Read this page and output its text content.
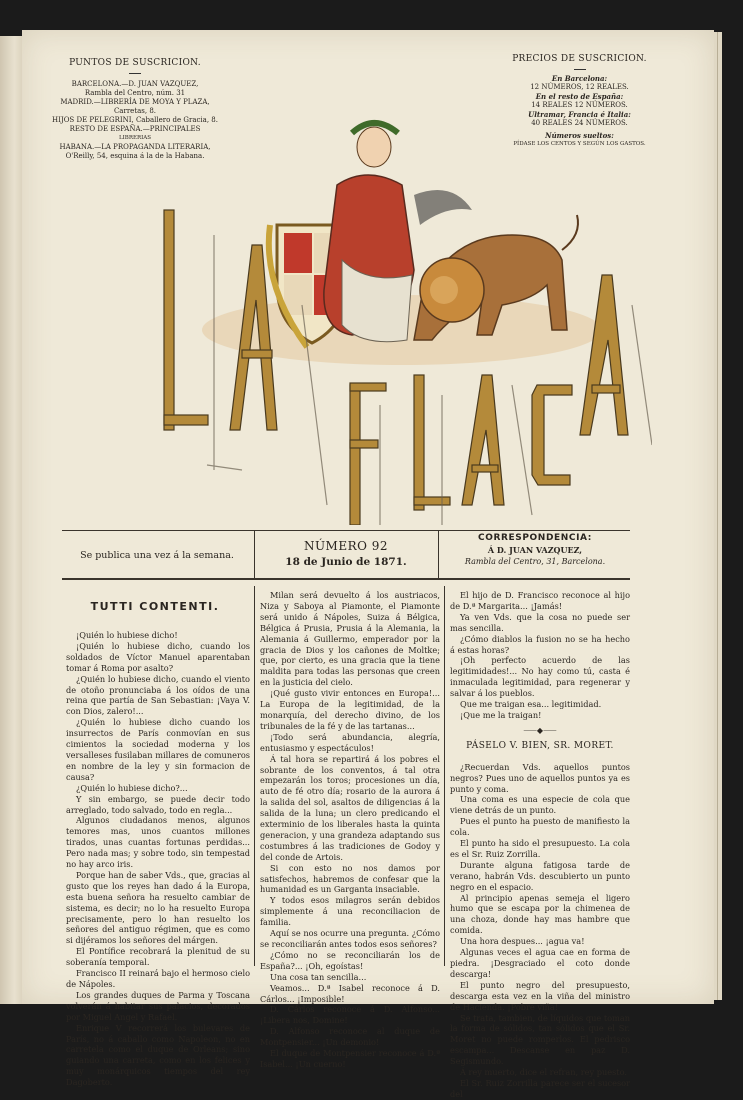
PUNTOS DE SUSCRICION.
BARCELONA.—D. JUAN VAZQUEZ,
Rambla del Centro, núm. 31
MADRID.—LIBRERÍA DE MOYA Y PLAZA,
Carretas, 8.
HIJOS DE PELEGRINI, Caballero de Gracia, 8.
RESTO DE ESPAÑA.—PRINCIPALES
LIBRERIAS
HABANA.—LA PROPAGANDA LITERARIA,
O'Reilly, 54, esquina á la de la Habana.
PRECIOS DE SUSCRICION.
En Barcelona:
12 NÚMEROS, 12 REALES.
En el resto de España:
14 REALES 12 NÚMEROS.
Ultramar, Francia é Italia:
40 REALES 24 NÚMEROS.
Números sueltos:
PÍDASE LOS CENTOS Y SEGÚN LOS GASTOS.
Se publica una vez á la semana.
NÚMERO 92
18 de Junio de 1871.
CORRESPONDENCIA:
Á D. JUAN VAZQUEZ,
Rambla del Centro, 31, Barcelona.
TUTTI CONTENTI.

¡Quién lo hubiese dicho!

¡Quién lo hubiese dicho, cuando los soldados de Víctor Manuel aparentaban tomar á Roma por asalto?

¿Quién lo hubiese dicho, cuando el viento de otoño pronunciaba á los oídos de una reina que partía de San Sebastian: ¡Vaya V. con Dios, zalero!...

¿Quién lo hubiese dicho cuando los insurrectos de París conmovían en sus cimientos la sociedad moderna y los versalleses fusilaban millares de comuneros en nombre de la ley y sin formacion de causa?

¿Quién lo hubiese dicho?...

Y sin embargo, se puede decir todo arreglado, todo salvado, todo en regla...

Algunos ciudadanos menos, algunos temores mas, unos cuantos millones tirados, unas cuantas fortunas perdidas... Pero nada mas; y sobre todo, sin tempestad no hay arco iris.

Porque han de saber Vds., que, gracias al gusto que los reyes han dado á la Europa, esta buena señora ha resuelto cambiar de sistema, es decir; no lo ha resuelto Europa precisamente, pero lo han resuelto los señores del antiguo régimen, que es como si dijéramos los señores del márgen.

El Pontífice recobrará la plenitud de su soberanía temporal.

Francisco II reinará bajo el hermoso cielo de Nápoles.

Los grandes duques de Parma y Toscana volverán á habitar sus palacios, decorados por Miguel Angel y Rafael.

Enrique V recorrerá los bulevares de París, no á caballo como Napoleon, no en carretela como el duque de Orleans; sino guiando una carreta, como en los felices y muy monárquicos tiempos del rey Dagoberto.

Milan será devuelto á los austriacos, Niza y Saboya al Piamonte, el Piamonte será unido á Nápoles, Suiza á Bélgica, Bélgica á Prusia, Prusia á la Alemania, la Alemania á Guillermo, emperador por la gracia de Dios y los cañones de Moltke; que, por cierto, es una gracia que la tiene maldita para todas las personas que creen en la justicia del cielo.

¡Qué gusto vivir entonces en Europa!... La Europa de la legitimidad, de la monarquía, del derecho divino, de los tribunales de la fé y de las tartanas...

¡Todo será abundancia, alegría, entusiasmo y espectáculos!

Á tal hora se repartirá á los pobres el sobrante de los conventos, á tal otra empezarán los toros; procesiones un día, auto de fé otro día; rosario de la aurora á la salida del sol, asaltos de diligencias á la salida de la luna; un clero predicando el exterminio de los liberales hasta la quinta generacion, y una grandeza adaptando sus costumbres á las tradiciones de Godoy y del conde de Artois.

Si con esto no nos damos por satisfechos, habremos de confesar que la humanidad es un Garganta insaciable.

Y todos esos milagros serán debidos simplemente á una reconciliacion de familia.

Aquí se nos ocurre una pregunta. ¿Cómo se reconciliarán antes todos esos señores?

¿Cómo no se reconciliarán los de España?... ¡Oh, egoístas!

Una cosa tan sencilla...

Veamos... D.ª Isabel reconoce á D. Cárlos... ¡Imposible!

D. Cárlos reconoce á D. Alfonso... ¡Libera nos, Domine!

D. Alfonso reconoce al duque de Montpensier... ¡Un demonio!

El duque de Montpensier reconoce á D.ª Isabel... ¡Un cuerno!

El hijo de D. Francisco reconoce al hijo de D.ª Margarita... ¡Jamás!

Ya ven Vds. que la cosa no puede ser mas sencilla.

¿Cómo diablos la fusion no se ha hecho á estas horas?

¡Oh perfecto acuerdo de las legitimidades!... No hay como tú, casta é inmaculada legitimidad, para regenerar y salvar á los pueblos.

Que me traigan esa... legitimidad.

¡Que me la traigan!

⸺◆⸺
PÁSELO V. BIEN, SR. MORET.

¿Recuerdan Vds. aquellos puntos negros? Pues uno de aquellos puntos ya es punto y coma.

Una coma es una especie de cola que viene detrás de un punto.

Pues el punto ha puesto de manifiesto la cola.

El punto ha sido el presupuesto. La cola es el Sr. Ruiz Zorrilla.

Durante alguna fatigosa tarde de verano, habrán Vds. descubierto un punto negro en el espacio.

Al principio apenas semeja el ligero humo que se escapa por la chimenea de una choza, donde hay mas hambre que comida.

Una hora despues... ¡agua va!

Algunas veces el agua cae en forma de piedra. ¡Desgraciado el coto donde descarga!

El punto negro del presupuesto, descarga esta vez en la viña del ministro de Hacienda. ¡Pobre viña!

Se trata, tambien, de líquidos que toman la forma de sólidos, tan sólidos que el Sr. Moret no puede romperlos. El pedrisco escampa... Descanse en paz D. Segismundo.

Á rey muerto, dice el refran, rey puesto.

El Sr. Ruiz Zorrilla parece ser el sucesor del
